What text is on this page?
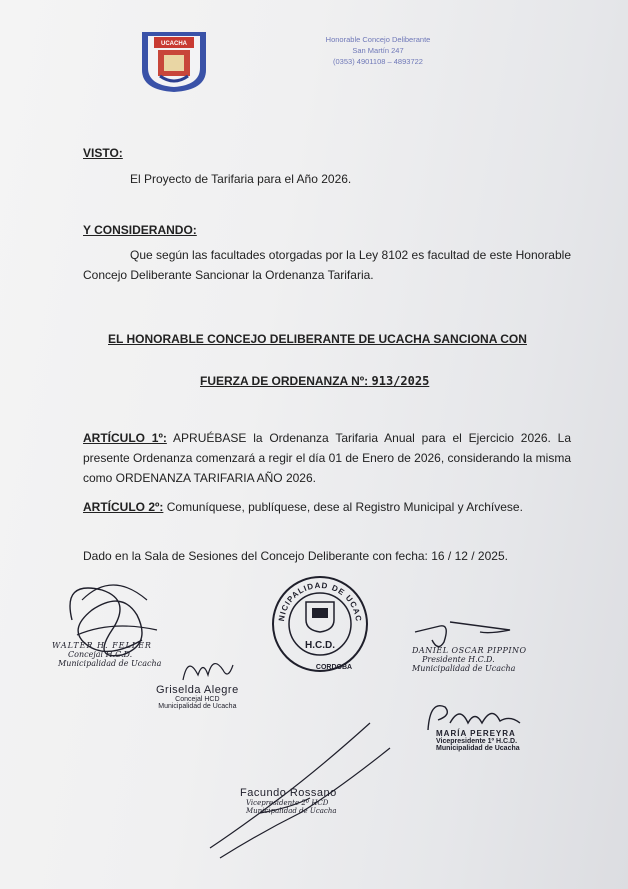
UCACHA	Honorable Concejo Deliberante
San Martín 247
(0353) 4901108 – 4893722
VISTO:
El Proyecto de Tarifaria para el Año 2026.
Y CONSIDERANDO:
Que según las facultades otorgadas por la Ley 8102 es facultad de este Honorable Concejo Deliberante Sancionar la Ordenanza Tarifaria.
EL HONORABLE CONCEJO DELIBERANTE DE UCACHA SANCIONA CON
FUERZA DE ORDENANZA Nº: 913/2025
ARTÍCULO 1º: APRUÉBASE la Ordenanza Tarifaria Anual para el Ejercicio 2026. La presente Ordenanza comenzará a regir el día 01 de Enero de 2026, considerando la misma como ORDENANZA TARIFARIA AÑO 2026.
ARTÍCULO 2º: Comuníquese, publíquese, dese al Registro Municipal y Archívese.
Dado en la Sala de Sesiones del Concejo Deliberante con fecha: 16 / 12 / 2025.
MUNICIPALIDAD DE UCACHA
H.C.D.
CORDOBA
WALTER H. FELLER
Concejal H.C.D.
Municipalidad de Ucacha
Griselda Alegre
Concejal HCD
Municipalidad de Ucacha
DANIEL OSCAR PIPPINO
Presidente H.C.D.
Municipalidad de Ucacha
MARÍA PEREYRA
Vicepresidente 1º H.C.D.
Municipalidad de Ucacha
Facundo Rossano
Vicepresidente 2º HCD
Municipalidad de Ucacha
